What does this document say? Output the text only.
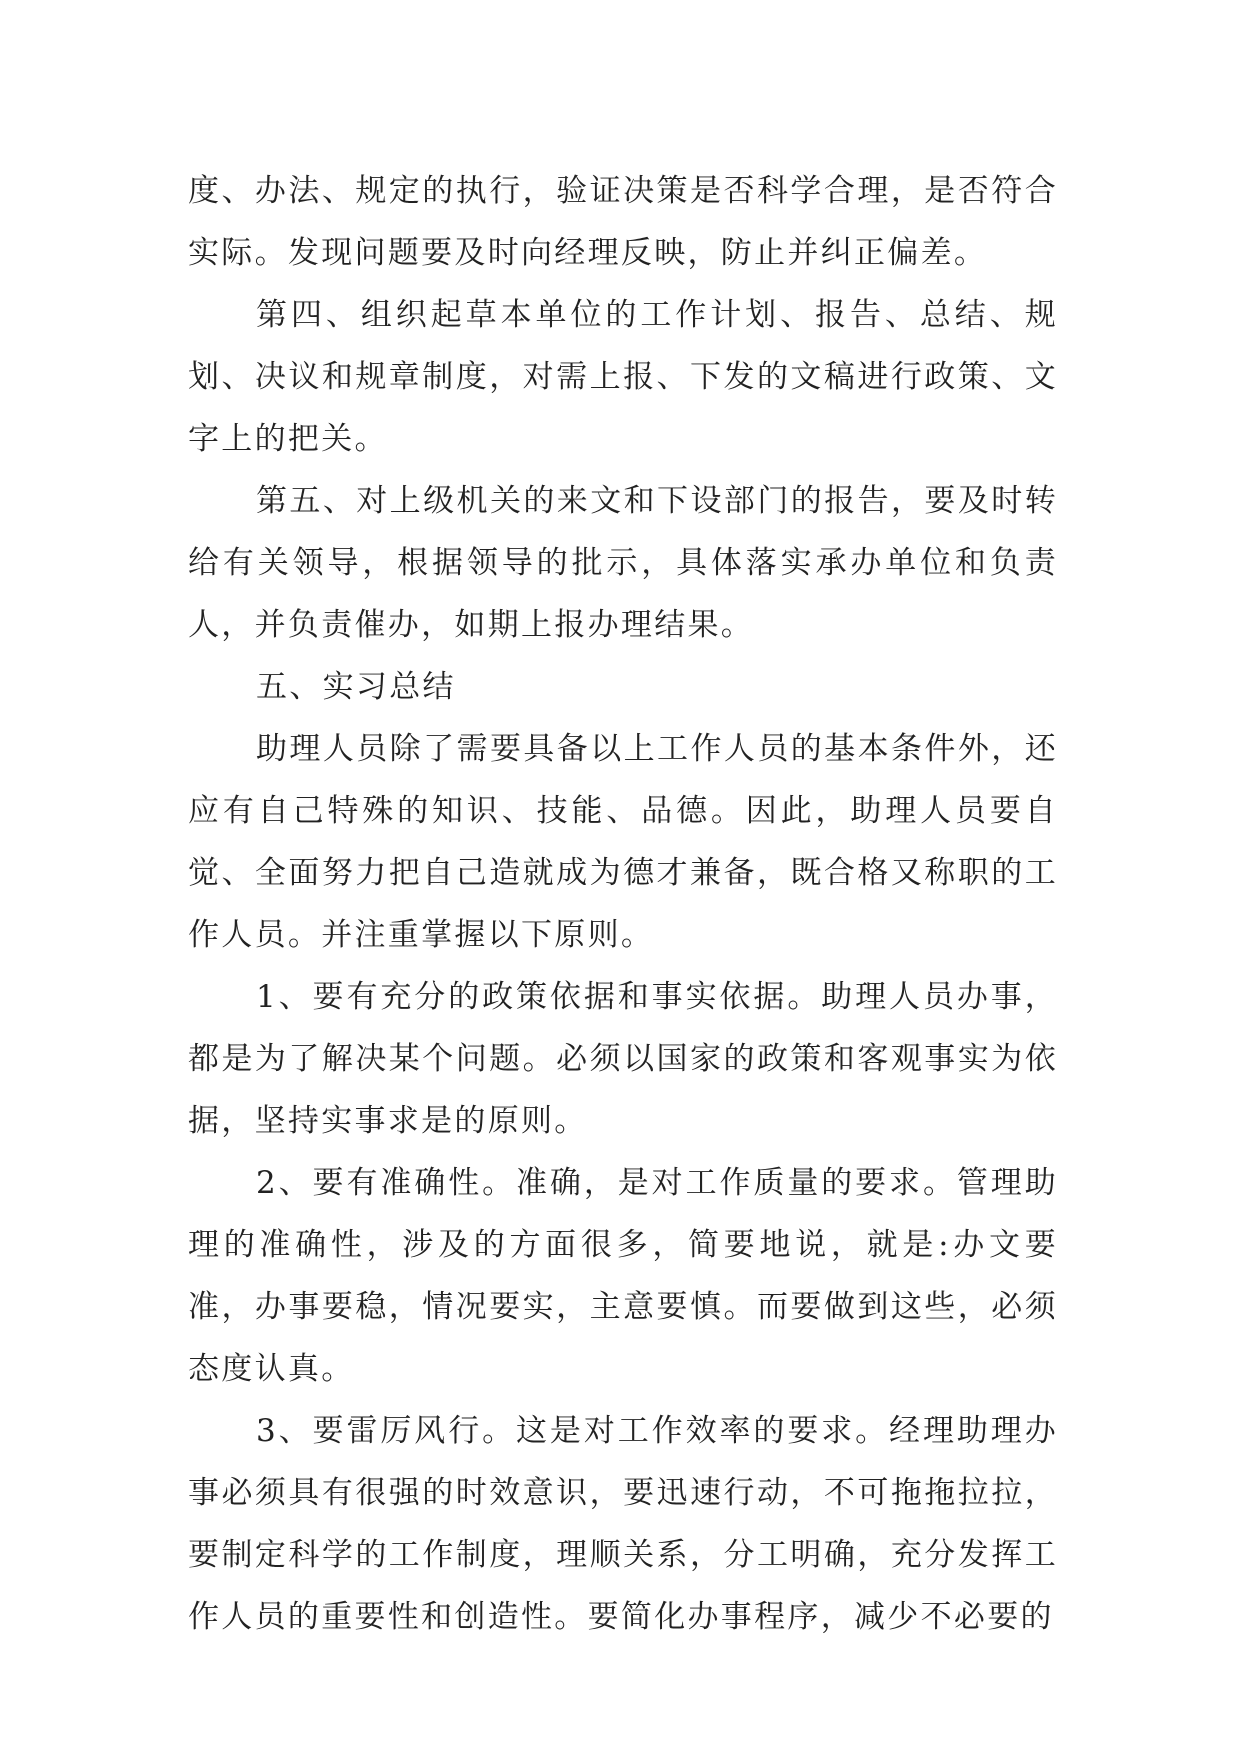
度、办法、规定的执行，验证决策是否科学合理，是否符合实际。发现问题要及时向经理反映，防止并纠正偏差。

第四、组织起草本单位的工作计划、报告、总结、规划、决议和规章制度，对需上报、下发的文稿进行政策、文字上的把关。

第五、对上级机关的来文和下设部门的报告，要及时转给有关领导，根据领导的批示，具体落实承办单位和负责人，并负责催办，如期上报办理结果。

五、实习总结

助理人员除了需要具备以上工作人员的基本条件外，还应有自己特殊的知识、技能、品德。因此，助理人员要自觉、全面努力把自己造就成为德才兼备，既合格又称职的工作人员。并注重掌握以下原则。

1、要有充分的政策依据和事实依据。助理人员办事，都是为了解决某个问题。必须以国家的政策和客观事实为依据，坚持实事求是的原则。

2、要有准确性。准确，是对工作质量的要求。管理助理的准确性，涉及的方面很多，简要地说，就是:办文要准，办事要稳，情况要实，主意要慎。而要做到这些，必须态度认真。

3、要雷厉风行。这是对工作效率的要求。经理助理办事必须具有很强的时效意识，要迅速行动，不可拖拖拉拉，要制定科学的工作制度，理顺关系，分工明确，充分发挥工作人员的重要性和创造性。要简化办事程序，减少不必要的
